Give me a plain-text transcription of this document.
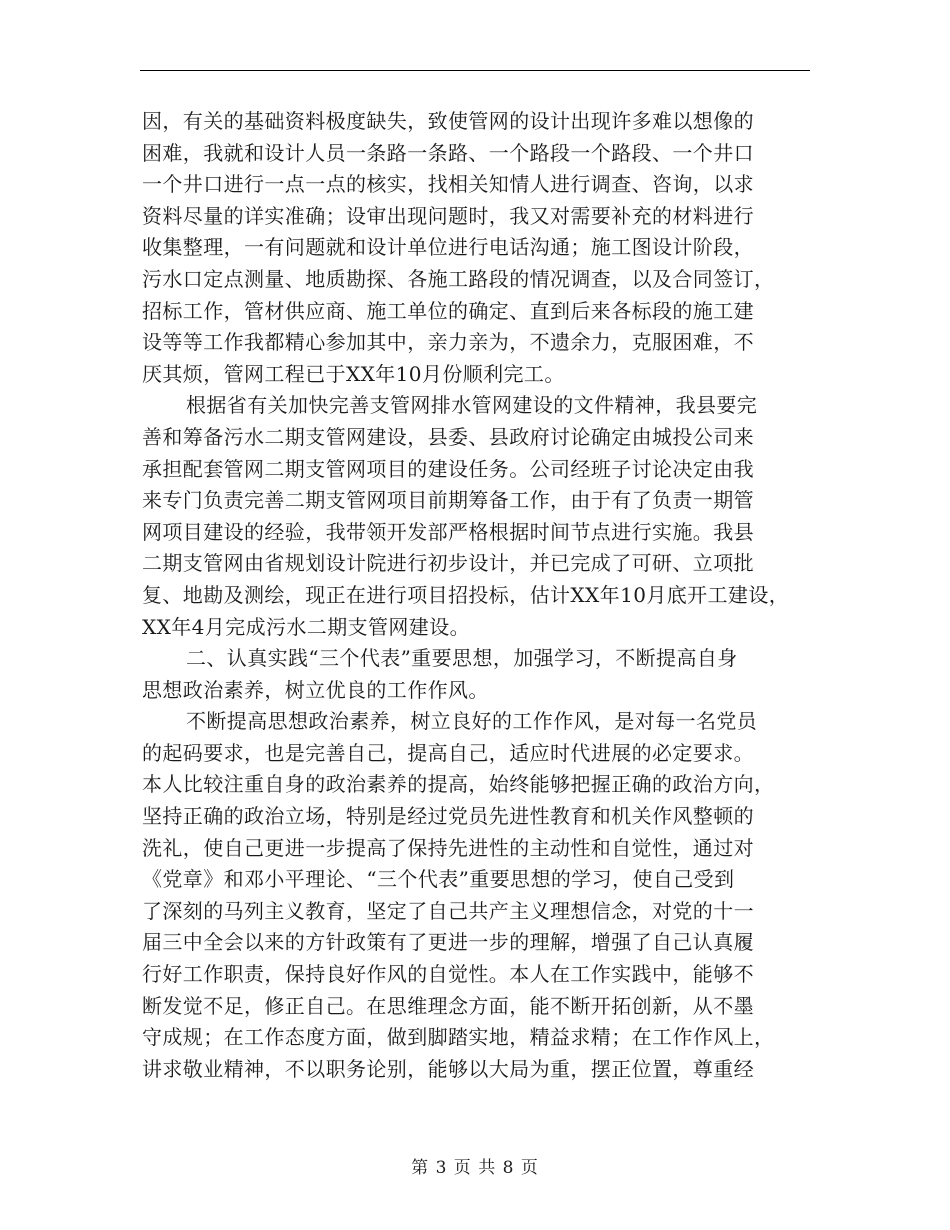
因，有关的基础资料极度缺失，致使管网的设计出现许多难以想像的
困难，我就和设计人员一条路一条路、一个路段一个路段、一个井口
一个井口进行一点一点的核实，找相关知情人进行调查、咨询，以求
资料尽量的详实准确；设审出现问题时，我又对需要补充的材料进行
收集整理，一有问题就和设计单位进行电话沟通；施工图设计阶段，
污水口定点测量、地质勘探、各施工路段的情况调查，以及合同签订，
招标工作，管材供应商、施工单位的确定、直到后来各标段的施工建
设等等工作我都精心参加其中，亲力亲为，不遗余力，克服困难，不
厌其烦，管网工程已于XX年10月份顺利完工。
根据省有关加快完善支管网排水管网建设的文件精神，我县要完
善和筹备污水二期支管网建设，县委、县政府讨论确定由城投公司来
承担配套管网二期支管网项目的建设任务。公司经班子讨论决定由我
来专门负责完善二期支管网项目前期筹备工作，由于有了负责一期管
网项目建设的经验，我带领开发部严格根据时间节点进行实施。我县
二期支管网由省规划设计院进行初步设计，并已完成了可研、立项批
复、地勘及测绘，现正在进行项目招投标，估计XX年10月底开工建设，
XX年4月完成污水二期支管网建设。
二、认真实践“三个代表”重要思想，加强学习，不断提高自身
思想政治素养，树立优良的工作作风。
不断提高思想政治素养，树立良好的工作作风，是对每一名党员
的起码要求，也是完善自己，提高自己，适应时代进展的必定要求。
本人比较注重自身的政治素养的提高，始终能够把握正确的政治方向，
坚持正确的政治立场，特别是经过党员先进性教育和机关作风整顿的
洗礼，使自己更进一步提高了保持先进性的主动性和自觉性，通过对
《党章》和邓小平理论、“三个代表”重要思想的学习，使自己受到
了深刻的马列主义教育，坚定了自己共产主义理想信念，对党的十一
届三中全会以来的方针政策有了更进一步的理解，增强了自己认真履
行好工作职责，保持良好作风的自觉性。本人在工作实践中，能够不
断发觉不足，修正自己。在思维理念方面，能不断开拓创新，从不墨
守成规；在工作态度方面，做到脚踏实地，精益求精；在工作作风上，
讲求敬业精神，不以职务论别，能够以大局为重，摆正位置，尊重经
第 3 页 共 8 页
